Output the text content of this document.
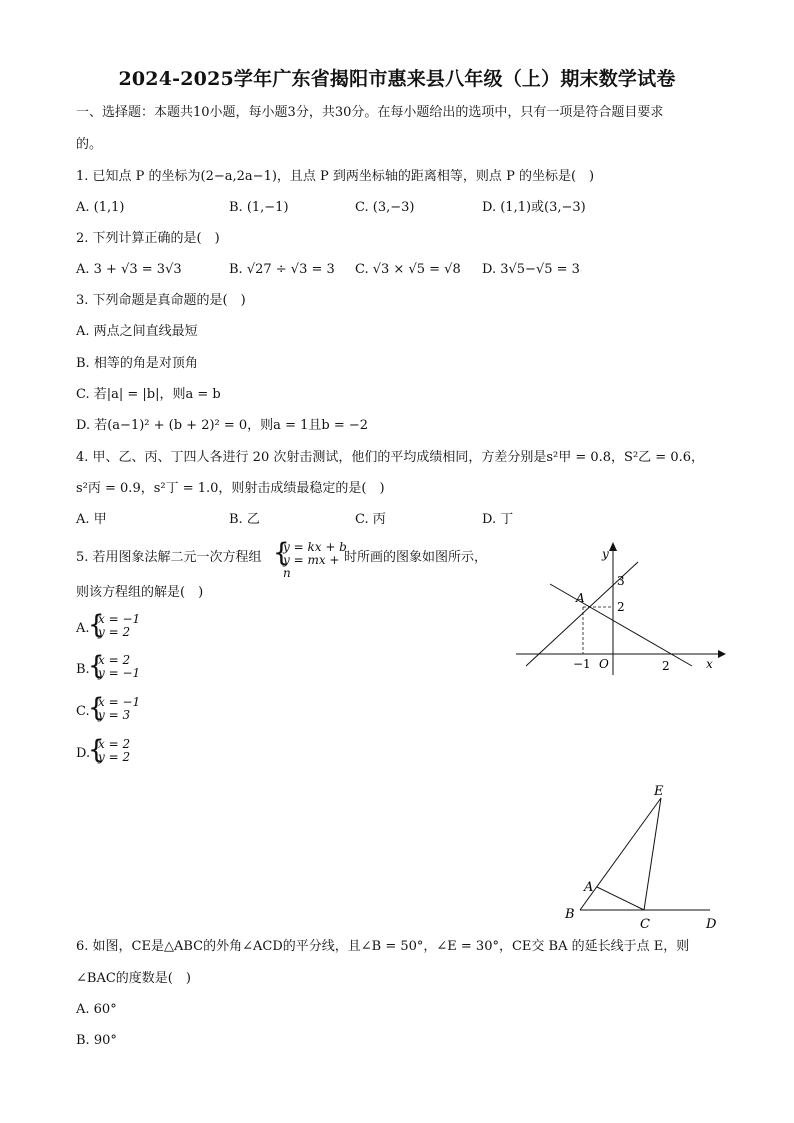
2024-2025学年广东省揭阳市惠来县八年级（上）期末数学试卷
一、选择题：本题共10小题，每小题3分，共30分。在每小题给出的选项中，只有一项是符合题目要求
的。
1. 已知点 P 的坐标为(2−a,2a−1)，且点 P 到两坐标轴的距离相等，则点 P 的坐标是(　)
A. (1,1)	B. (1,−1)	C. (3,−3)	D. (1,1)或(3,−3)
2. 下列计算正确的是(　)
A. 3 + √3 = 3√3	B. √27 ÷ √3 = 3 C. √3 × √5 = √8 D. 3√5−√5 = 3
3. 下列命题是真命题的是(　)
A. 两点之间直线最短
B. 相等的角是对顶角
C. 若|a| = |b|，则a = b
D. 若(a−1)² + (b + 2)² = 0，则a = 1且b = −2
4. 甲、乙、丙、丁四人各进行 20 次射击测试，他们的平均成绩相同，方差分别是s²甲 = 0.8，S²乙 = 0.6，
s²丙 = 0.9，s²丁 = 1.0，则射击成绩最稳定的是(　)
A. 甲	B. 乙	C. 丙	D. 丁
5. 若用图象法解二元一次方程组 {
y = kx + b
y = mx + n
时所画的图象如图所示，
则该方程组的解是(　)
A.
{
x = −1
y = 2
B.
{
x = 2
y = −1
C.
{
x = −1
y = 3
D.
{
x = 2
y = 2
y
x
A
O
3
2
−1	2
E
A
B
C	D
6. 如图，CE是△ABC的外角∠ACD的平分线，且∠B = 50°，∠E = 30°，CE交 BA 的延长线于点 E，则
∠BAC的度数是(　)
A. 60°
B. 90°
